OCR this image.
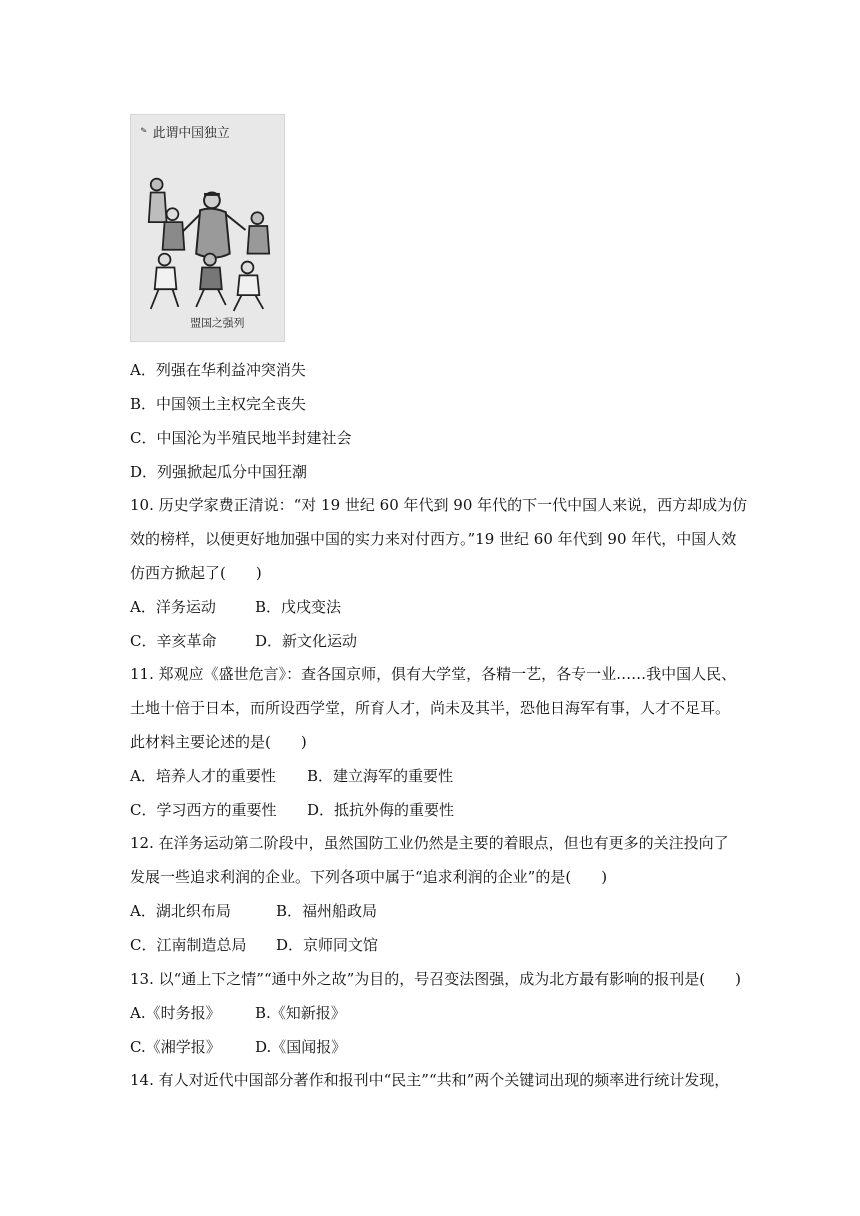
此谓中国独立
✎
盟国之强列
A．列强在华利益冲突消失
B．中国领土主权完全丧失
C．中国沦为半殖民地半封建社会
D．列强掀起瓜分中国狂潮
10. 历史学家费正清说：“对 19 世纪 60 年代到 90 年代的下一代中国人来说，西方却成为仿
效的榜样，以便更好地加强中国的实力来对付西方。”19 世纪 60 年代到 90 年代，中国人效
仿西方掀起了(　　)
A．洋务运动	B．戊戌变法
C．辛亥革命	D．新文化运动
11. 郑观应《盛世危言》：查各国京师，俱有大学堂，各精一艺，各专一业……我中国人民、
土地十倍于日本，而所设西学堂，所育人才，尚未及其半，恐他日海军有事，人才不足耳。
此材料主要论述的是(　　)
A．培养人才的重要性 B．建立海军的重要性
C．学习西方的重要性 D．抵抗外侮的重要性
12. 在洋务运动第二阶段中，虽然国防工业仍然是主要的着眼点，但也有更多的关注投向了
发展一些追求利润的企业。下列各项中属于“追求利润的企业”的是(　　)
A．湖北织布局	B．福州船政局
C．江南制造总局 D．京师同文馆
13. 以“通上下之情”“通中外之故”为目的，号召变法图强，成为北方最有影响的报刊是(　　)
A.《时务报》 B.《知新报》
C.《湘学报》 D.《国闻报》
14. 有人对近代中国部分著作和报刊中“民主”“共和”两个关键词出现的频率进行统计发现，
